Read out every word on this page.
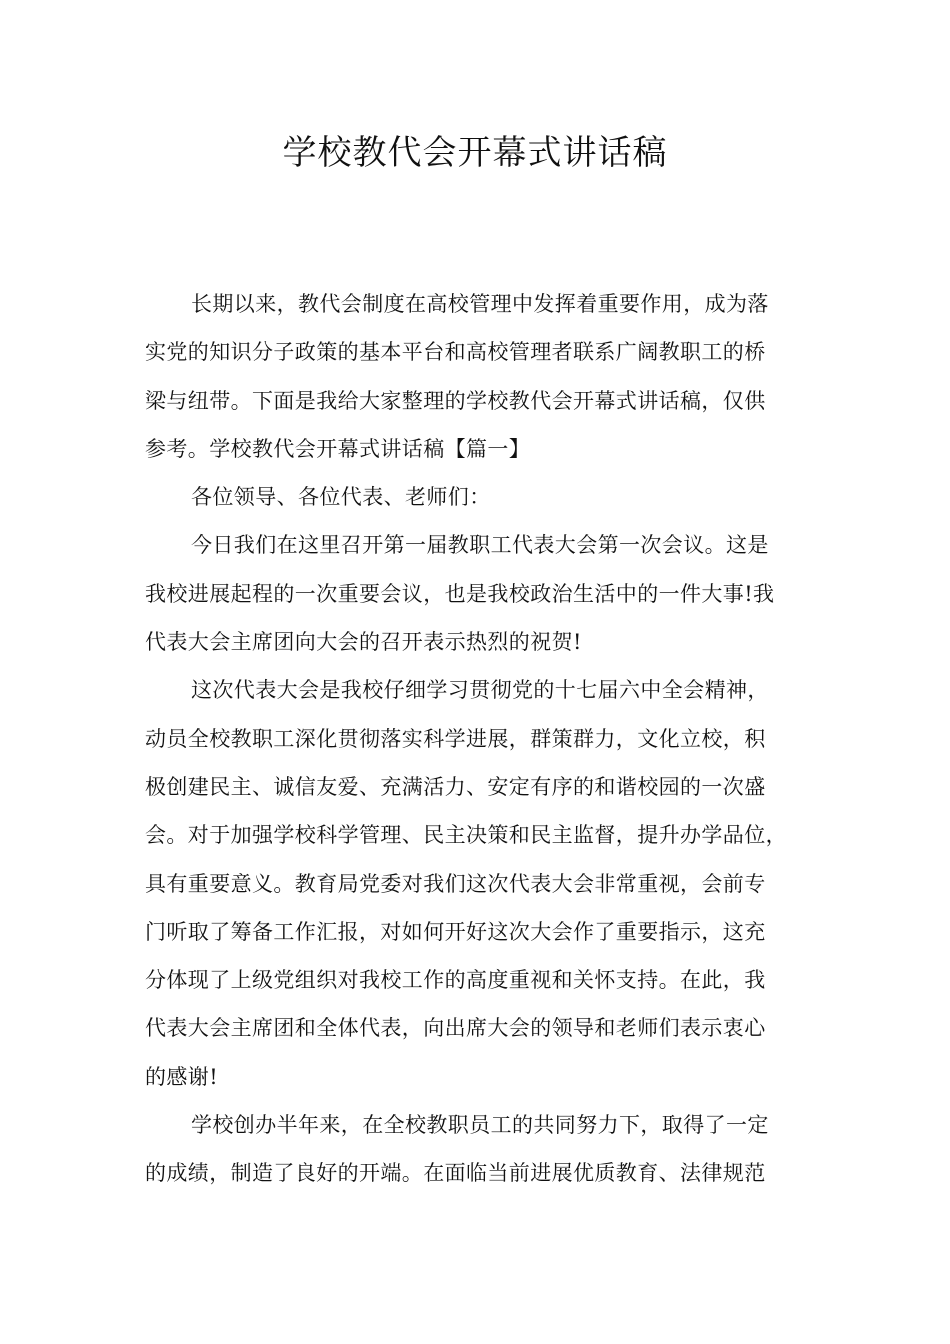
学校教代会开幕式讲话稿
长期以来，教代会制度在高校管理中发挥着重要作用，成为落
实党的知识分子政策的基本平台和高校管理者联系广阔教职工的桥
梁与纽带。下面是我给大家整理的学校教代会开幕式讲话稿，仅供
参考。学校教代会开幕式讲话稿【篇一】
各位领导、各位代表、老师们：
今日我们在这里召开第一届教职工代表大会第一次会议。这是
我校进展起程的一次重要会议，也是我校政治生活中的一件大事!我
代表大会主席团向大会的召开表示热烈的祝贺!
这次代表大会是我校仔细学习贯彻党的十七届六中全会精神，
动员全校教职工深化贯彻落实科学进展，群策群力，文化立校，积
极创建民主、诚信友爱、充满活力、安定有序的和谐校园的一次盛
会。对于加强学校科学管理、民主决策和民主监督，提升办学品位，
具有重要意义。教育局党委对我们这次代表大会非常重视，会前专
门听取了筹备工作汇报，对如何开好这次大会作了重要指示，这充
分体现了上级党组织对我校工作的高度重视和关怀支持。在此，我
代表大会主席团和全体代表，向出席大会的领导和老师们表示衷心
的感谢!
学校创办半年来，在全校教职员工的共同努力下，取得了一定
的成绩，制造了良好的开端。在面临当前进展优质教育、法律规范
